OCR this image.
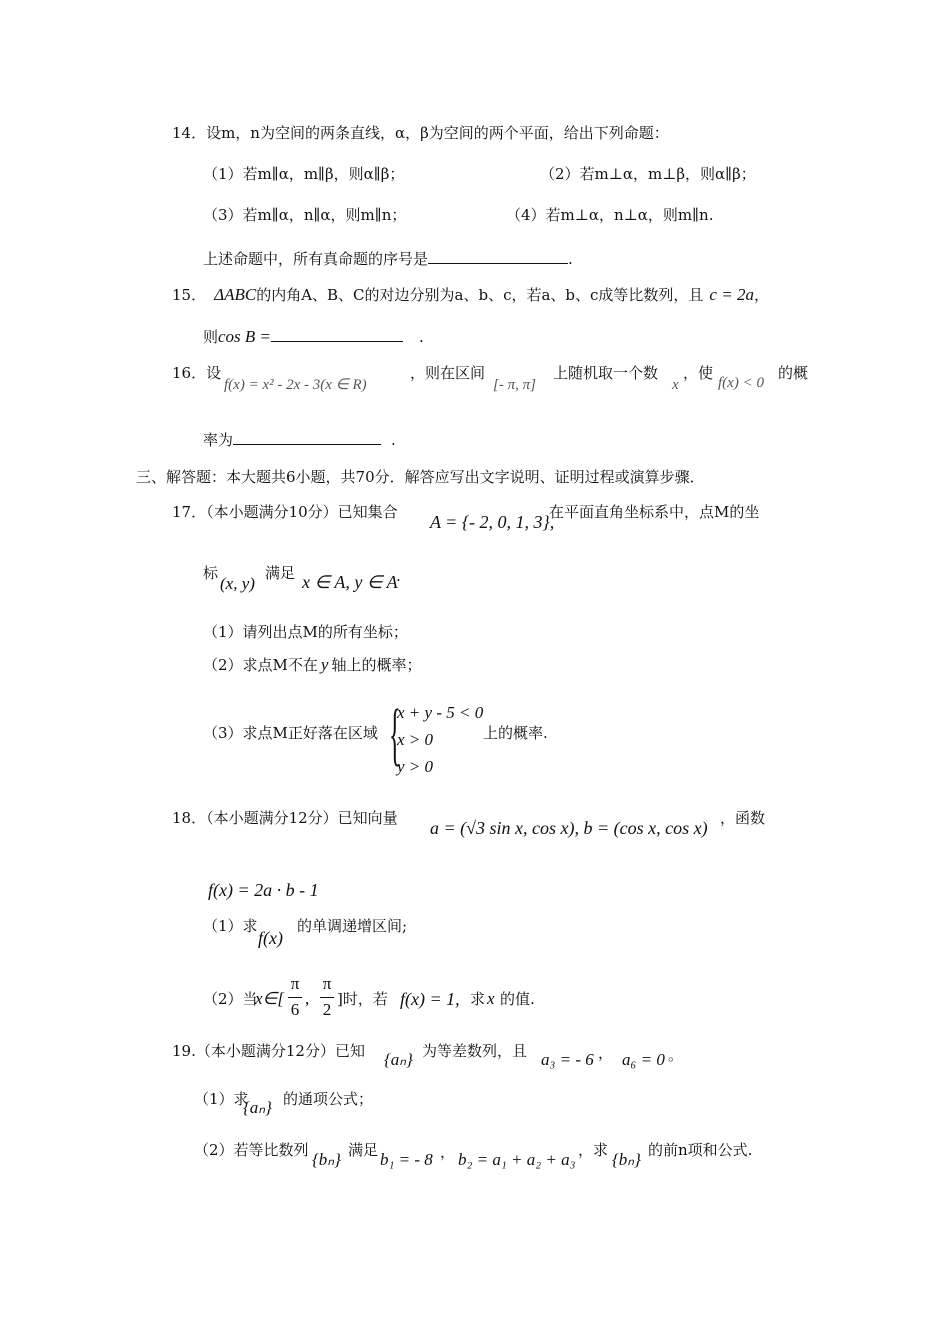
14．设m，n为空间的两条直线，α，β为空间的两个平面，给出下列命题：
（1）若m∥α，m∥β，则α∥β；	（2）若m⊥α，m⊥β，则α∥β；
（3）若m∥α，n∥α，则m∥n；	（4）若m⊥α，n⊥α，则m∥n.
上述命题中，所有真命题的序号是	.
15． ΔABC的内角A、B、C的对边分别为a、b、c，若a、b、c成等比数列，且 c = 2a，
则cos B =	.
16．设
f(x) = x² - 2x - 3(x ∈ R)
，则在区间
[- π, π]
上随机取一个数
x
，使
f(x) < 0
的概
率为	.
三、解答题：本大题共6小题，共70分．解答应写出文字说明、证明过程或演算步骤．
17．（本小题满分10分）已知集合 A = {- 2, 0, 1, 3},
在平面直角坐标系中，点M的坐
标
(x, y)
满足 x ∈ A, y ∈ A
.
（1）请列出点M的所有坐标；
（2）求点M不在 y 轴上的概率；
（3）求点M正好落在区域 {
x + y - 5 < 0
x > 0
y > 0
上的概率.
18．（本小题满分12分）已知向量 a = (√3 sin x, cos x), b = (cos x, cos x) ，函数
f(x) = 2a · b - 1
（1）求
f(x)
的单调递增区间;
（2）当
x∈[
π
6
,
π
2
]时，若 f(x) = 1, 求 x 的值.
19.（本小题满分12分）已知 {aₙ} 为等差数列，且 a₃ = - 6 ， a₆ = 0 。
（1）求
{aₙ} 的通项公式；
（2）若等比数列 {bₙ} 满足 b₁ = - 8 ， b₂ = a₁ + a₂ + a₃ ，求 {bₙ} 的前n项和公式.
